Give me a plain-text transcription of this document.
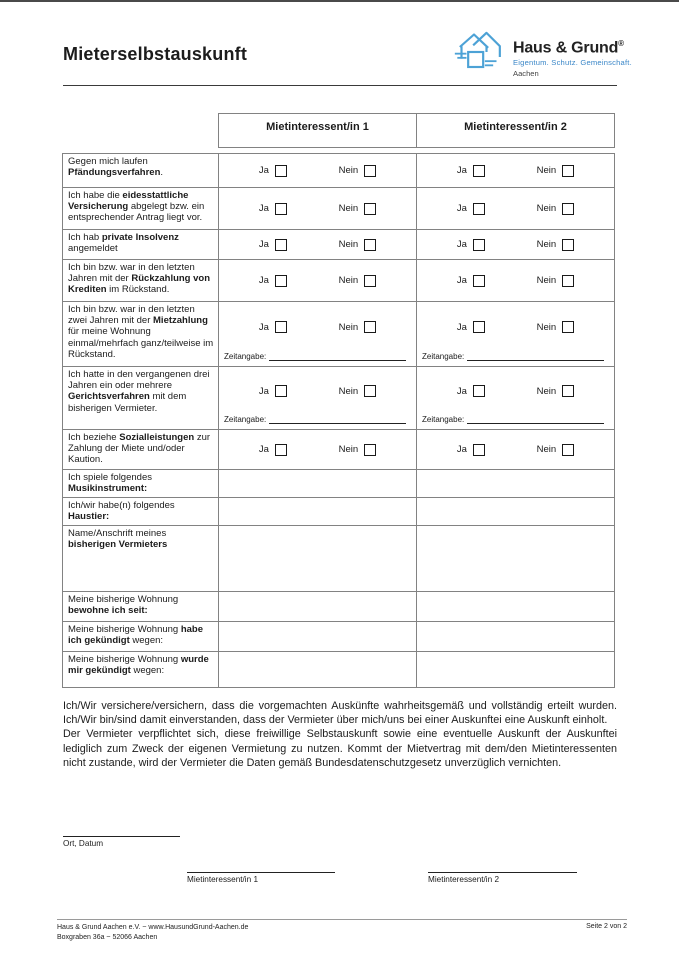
Mieterselbstauskunft	Haus & Grund®
Eigentum. Schutz. Gemeinschaft.
Aachen
Mietinteressent/in 1	Mietinteressent/in 2
Gegen mich laufen Pfändungsverfahren.	Ja	Nein	Ja	Nein
Ich habe die eidesstattliche Versicherung abgelegt bzw. ein entsprechender Antrag liegt vor.
Ja	Nein	Ja	Nein
Ich hab private Insolvenz angemeldet	Ja	Nein	Ja	Nein
Ich bin bzw. war in den letzten Jahren mit der Rückzahlung von Krediten im Rückstand.
Ja	Nein	Ja	Nein
Ich bin bzw. war in den letzten zwei Jahren mit der Mietzahlung für meine Wohnung einmal/mehrfach ganz/teilweise im Rückstand.
Ja	Nein
Zeitangabe:
Ja	Nein
Zeitangabe:
Ich hatte in den vergangenen drei Jahren ein oder mehrere Gerichtsverfahren mit dem bisherigen Vermieter.
Ja	Nein
Zeitangabe:
Ja	Nein
Zeitangabe:
Ich beziehe Sozialleistungen zur Zahlung der Miete und/oder Kaution.
Ja	Nein	Ja	Nein
Ich spiele folgendes Musikinstrument:
Ich/wir habe(n) folgendes Haustier:
Name/Anschrift meines bisherigen Vermieters
Meine bisherige Wohnung bewohne ich seit:
Meine bisherige Wohnung habe ich gekündigt wegen:
Meine bisherige Wohnung wurde mir gekündigt wegen:

Ich/Wir versichere/versichern, dass die vorgemachten Auskünfte wahrheitsgemäß und vollständig erteilt wurden. Ich/Wir bin/sind damit einverstanden, dass der Vermieter über mich/uns bei einer Auskunftei eine Auskunft einholt.

Der Vermieter verpflichtet sich, diese freiwillige Selbstauskunft sowie eine eventuelle Auskunft der Auskunftei lediglich zum Zweck der eigenen Vermietung zu nutzen. Kommt der Mietvertrag mit dem/den Mietinteressenten nicht zustande, wird der Vermieter die Daten gemäß Bundesdatenschutzgesetz unverzüglich vernichten.

Ort, Datum
Mietinteressent/in 1	Mietinteressent/in 2
Haus & Grund Aachen e.V. ~ www.HausundGrund-Aachen.de
Boxgraben 36a ~ 52066 Aachen
Seite 2 von 2
